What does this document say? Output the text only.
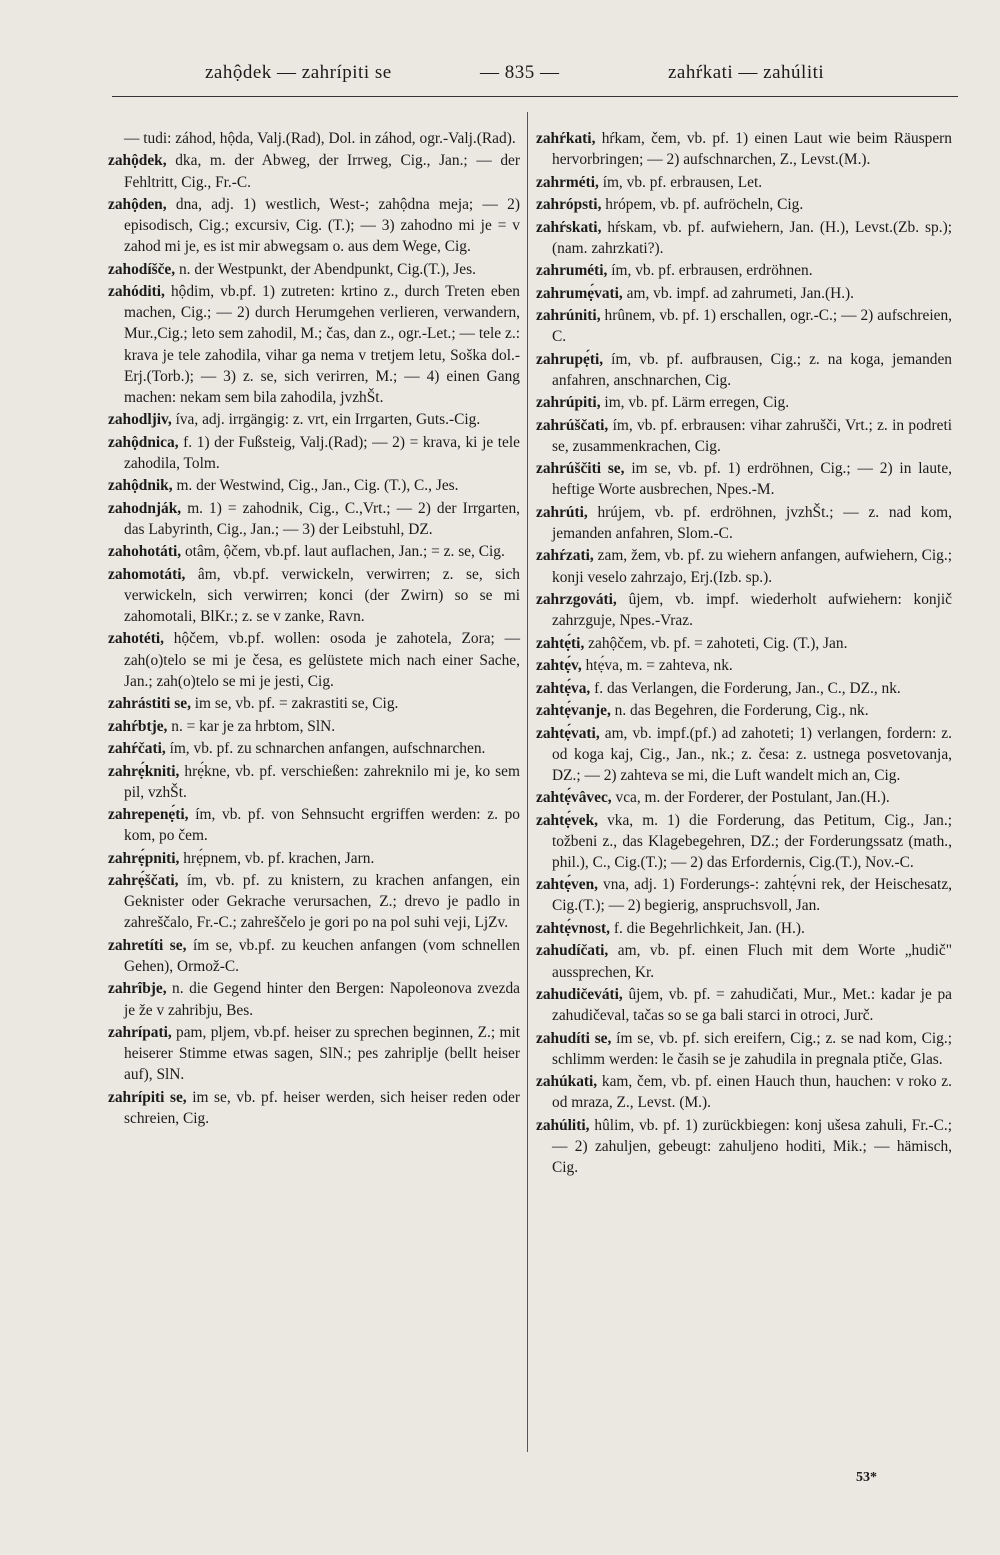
zahộdek — zahrípiti se	— 835 —	zahŕkati — zahúliti
— tudi: záhod, hộda, Valj.(Rad), Dol. in záhod, ogr.-Valj.(Rad).
zahộdek, dka, m. der Abweg, der Irrweg, Cig., Jan.; — der Fehltritt, Cig., Fr.-C.
zahộden, dna, adj. 1) westlich, West-; zahộdna meja; — 2) episodisch, Cig.; excursiv, Cig. (T.); — 3) zahodno mi je = v zahod mi je, es ist mir abwegsam o. aus dem Wege, Cig.
zahodíšče, n. der Westpunkt, der Abendpunkt, Cig.(T.), Jes.
zahóditi, hộdim, vb.pf. 1) zutreten: krtino z., durch Treten eben machen, Cig.; — 2) durch Herumgehen verlieren, verwandern, Mur.,Cig.; leto sem zahodil, M.; čas, dan z., ogr.-Let.; — tele z.: krava je tele zahodila, vihar ga nema v tretjem letu, Soška dol.-Erj.(Torb.); — 3) z. se, sich verirren, M.; — 4) einen Gang machen: nekam sem bila zahodila, jvzhŠt.
zahodljiv, íva, adj. irrgängig: z. vrt, ein Irrgarten, Guts.-Cig.
zahộdnica, f. 1) der Fußsteig, Valj.(Rad); — 2) = krava, ki je tele zahodila, Tolm.
zahộdnik, m. der Westwind, Cig., Jan., Cig. (T.), C., Jes.
zahodnják, m. 1) = zahodnik, Cig., C.,Vrt.; — 2) der Irrgarten, das Labyrinth, Cig., Jan.; — 3) der Leibstuhl, DZ.
zahohotáti, otâm, ộčem, vb.pf. laut auflachen, Jan.; = z. se, Cig.
zahomotáti, âm, vb.pf. verwickeln, verwirren; z. se, sich verwickeln, sich verwirren; konci (der Zwirn) so se mi zahomotali, BlKr.; z. se v zanke, Ravn.
zahotéti, hộčem, vb.pf. wollen: osoda je zahotela, Zora; — zah(o)telo se mi je česa, es gelüstete mich nach einer Sache, Jan.; zah(o)telo se mi je jesti, Cig.
zahrástiti se, im se, vb. pf. = zakrastiti se, Cig.
zahŕbtje, n. = kar je za hrbtom, SlN.
zahŕčati, ím, vb. pf. zu schnarchen anfangen, aufschnarchen.
zahrẹ́kniti, hrẹ́kne, vb. pf. verschießen: zahreknilo mi je, ko sem pil, vzhŠt.
zahrepenẹ́ti, ím, vb. pf. von Sehnsucht ergriffen werden: z. po kom, po čem.
zahrẹ́pniti, hrẹ́pnem, vb. pf. krachen, Jarn.
zahrẹ́ščati, ím, vb. pf. zu knistern, zu krachen anfangen, ein Geknister oder Gekrache verursachen, Z.; drevo je padlo in zahreščalo, Fr.-C.; zahreščelo je gori po na pol suhi veji, LjZv.
zahretíti se, ím se, vb.pf. zu keuchen anfangen (vom schnellen Gehen), Ormož-C.
zahrîbje, n. die Gegend hinter den Bergen: Napoleonova zvezda je že v zahribju, Bes.
zahrípati, pam, pljem, vb.pf. heiser zu sprechen beginnen, Z.; mit heiserer Stimme etwas sagen, SlN.; pes zahriplje (bellt heiser auf), SlN.
zahrípiti se, im se, vb. pf. heiser werden, sich heiser reden oder schreien, Cig.
zahŕkati, hŕkam, čem, vb. pf. 1) einen Laut wie beim Räuspern hervorbringen; — 2) aufschnarchen, Z., Levst.(M.).
zahrméti, ím, vb. pf. erbrausen, Let.
zahrópsti, hrópem, vb. pf. aufröcheln, Cig.
zahŕskati, hŕskam, vb. pf. aufwiehern, Jan. (H.), Levst.(Zb. sp.); (nam. zahrzkati?).
zahruméti, ím, vb. pf. erbrausen, erdröhnen.
zahrumẹ́vati, am, vb. impf. ad zahrumeti, Jan.(H.).
zahrúniti, hrûnem, vb. pf. 1) erschallen, ogr.-C.; — 2) aufschreien, C.
zahrupẹ́ti, ím, vb. pf. aufbrausen, Cig.; z. na koga, jemanden anfahren, anschnarchen, Cig.
zahrúpiti, im, vb. pf. Lärm erregen, Cig.
zahrúščati, ím, vb. pf. erbrausen: vihar zahrušči, Vrt.; z. in podreti se, zusammenkrachen, Cig.
zahrúščiti se, im se, vb. pf. 1) erdröhnen, Cig.; — 2) in laute, heftige Worte ausbrechen, Npes.-M.
zahrúti, hrújem, vb. pf. erdröhnen, jvzhŠt.; — z. nad kom, jemanden anfahren, Slom.-C.
zahŕzati, zam, žem, vb. pf. zu wiehern anfangen, aufwiehern, Cig.; konji veselo zahrzajo, Erj.(Izb. sp.).
zahrzgováti, ûjem, vb. impf. wiederholt aufwiehern: konjič zahrzguje, Npes.-Vraz.
zahtẹ́ti, zahộčem, vb. pf. = zahoteti, Cig. (T.), Jan.
zahtẹ́v, htẹ́va, m. = zahteva, nk.
zahtẹ́va, f. das Verlangen, die Forderung, Jan., C., DZ., nk.
zahtẹ́vanje, n. das Begehren, die Forderung, Cig., nk.
zahtẹ́vati, am, vb. impf.(pf.) ad zahoteti; 1) verlangen, fordern: z. od koga kaj, Cig., Jan., nk.; z. česa: z. ustnega posvetovanja, DZ.; — 2) zahteva se mi, die Luft wandelt mich an, Cig.
zahtẹ́vâvec, vca, m. der Forderer, der Postulant, Jan.(H.).
zahtẹ́vek, vka, m. 1) die Forderung, das Petitum, Cig., Jan.; tožbeni z., das Klagebegehren, DZ.; der Forderungssatz (math., phil.), C., Cig.(T.); — 2) das Erfordernis, Cig.(T.), Nov.-C.
zahtẹ́ven, vna, adj. 1) Forderungs-: zahtẹ́vni rek, der Heischesatz, Cig.(T.); — 2) begierig, anspruchsvoll, Jan.
zahtẹ́vnost, f. die Begehrlichkeit, Jan. (H.).
zahudíčati, am, vb. pf. einen Fluch mit dem Worte „hudič" aussprechen, Kr.
zahudičeváti, ûjem, vb. pf. = zahudičati, Mur., Met.: kadar je pa zahudičeval, tačas so se ga bali starci in otroci, Jurč.
zahudíti se, ím se, vb. pf. sich ereifern, Cig.; z. se nad kom, Cig.; schlimm werden: le časih se je zahudila in pregnala ptiče, Glas.
zahúkati, kam, čem, vb. pf. einen Hauch thun, hauchen: v roko z. od mraza, Z., Levst. (M.).
zahúliti, hûlim, vb. pf. 1) zurückbiegen: konj ušesa zahuli, Fr.-C.; — 2) zahuljen, gebeugt: zahuljeno hoditi, Mik.; — hämisch, Cig.
53*
